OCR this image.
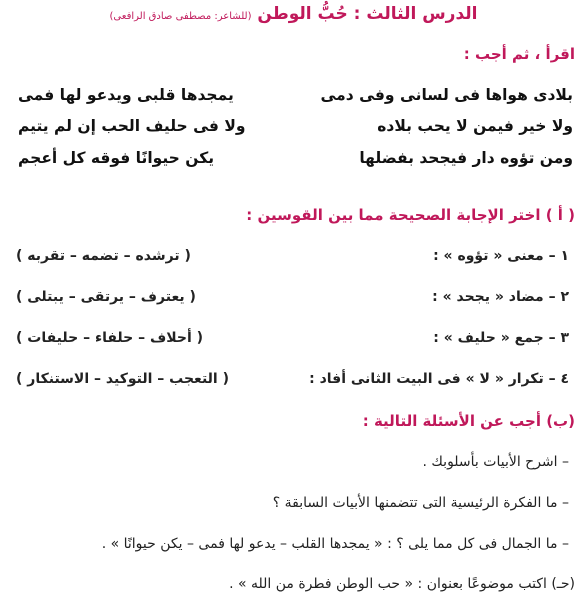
الدرس الثالث : حُبُّ الوطن (للشاعر: مصطفى صادق الرافعى)
اقرأ ، ثم أجب :
بلادى هواها فى لسانى وفى دمى
يمجدها قلبى ويدعو لها فمى
ولا خير فيمن لا يحب بلاده
ولا فى حليف الحب إن لم يتيم
ومن تؤوه دار فيجحد بفضلها
يكن حيوانًا فوقه كل أعجم
( أ ) اختر الإجابة الصحيحة مما بين القوسين :
١ – معنى « تؤوه » :
( ترشده – تضمه – تقربه )
٢ – مضاد « يجحد » :
( يعترف – يرتقى – يبتلى )
٣ – جمع « حليف » :
( أحلاف – حلفاء – حليفات )
٤ – تكرار « لا » فى البيت الثانى أفاد :
( التعجب – التوكيد – الاستنكار )
(ب) أجب عن الأسئلة التالية :
– اشرح الأبيات بأسلوبك .
– ما الفكرة الرئيسية التى تتضمنها الأبيات السابقة ؟
– ما الجمال فى كل مما يلى ؟ : « يمجدها القلب – يدعو لها فمى – يكن حيوانًا » .
(حـ) اكتب موضوعًا بعنوان : « حب الوطن فطرة من الله » .
